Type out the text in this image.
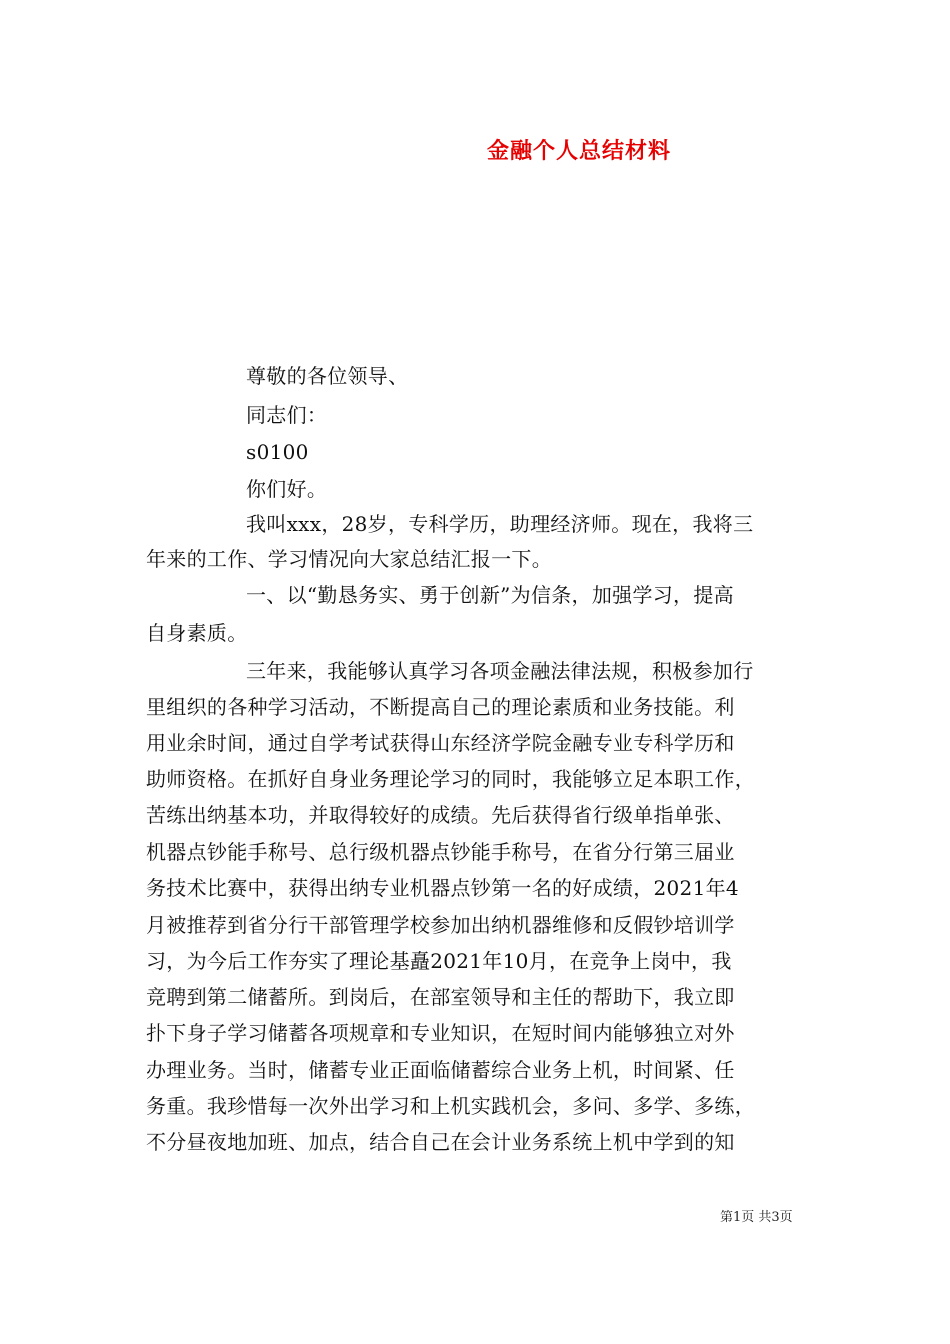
金融个人总结材料
尊敬的各位领导、
同志们：
s0100
你们好。
我叫xxx，28岁，专科学历，助理经济师。现在，我将三
年来的工作、学习情况向大家总结汇报一下。
一、以“勤恳务实、勇于创新”为信条，加强学习，提高
自身素质。
三年来，我能够认真学习各项金融法律法规，积极参加行
里组织的各种学习活动，不断提高自己的理论素质和业务技能。利
用业余时间，通过自学考试获得山东经济学院金融专业专科学历和
助师资格。在抓好自身业务理论学习的同时，我能够立足本职工作，
苦练出纳基本功，并取得较好的成绩。先后获得省行级单指单张、
机器点钞能手称号、总行级机器点钞能手称号，在省分行第三届业
务技术比赛中，获得出纳专业机器点钞第一名的好成绩，2021年4
月被推荐到省分行干部管理学校参加出纳机器维修和反假钞培训学
习，为今后工作夯实了理论基矗2021年10月，在竞争上岗中，我
竞聘到第二储蓄所。到岗后，在部室领导和主任的帮助下，我立即
扑下身子学习储蓄各项规章和专业知识，在短时间内能够独立对外
办理业务。当时，储蓄专业正面临储蓄综合业务上机，时间紧、任
务重。我珍惜每一次外出学习和上机实践机会，多问、多学、多练，
不分昼夜地加班、加点，结合自己在会计业务系统上机中学到的知
第1页 共3页
